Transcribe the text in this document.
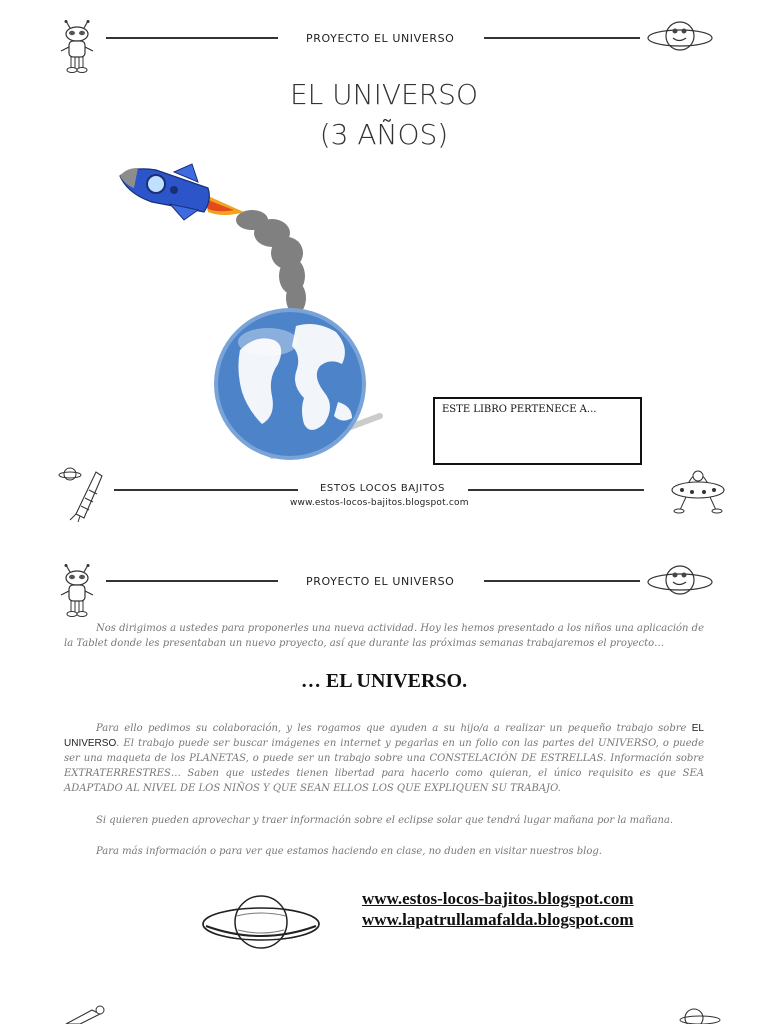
PROYECTO EL UNIVERSO
EL UNIVERSO
(3 AÑOS)
ESTE LIBRO PERTENECE A...
ESTOS LOCOS BAJITOS
www.estos-locos-bajitos.blogspot.com
PROYECTO EL UNIVERSO
Nos dirigimos a ustedes para proponerles una nueva actividad. Hoy les hemos presentado a los niños una aplicación de la Tablet donde les presentaban un nuevo proyecto, así que durante las próximas semanas trabajaremos el proyecto…
… EL UNIVERSO.
Para ello pedimos su colaboración, y les rogamos que ayuden a su hijo/a a realizar un pequeño trabajo sobre EL UNIVERSO. El trabajo puede ser buscar imágenes en internet y pegarlas en un folio con las partes del UNIVERSO, o puede ser una maqueta de los PLANETAS, o puede ser un trabajo sobre una CONSTELACIÓN DE ESTRELLAS. Información sobre EXTRATERRESTRES… Saben que ustedes tienen libertad para hacerlo como quieran, el único requisito es que SEA ADAPTADO AL NIVEL DE LOS NIÑOS Y QUE SEAN ELLOS LOS QUE EXPLIQUEN SU TRABAJO.
Si quieren pueden aprovechar y traer información sobre el eclipse solar que tendrá lugar mañana por la mañana.
Para más información o para ver que estamos haciendo en clase, no duden en visitar nuestros blog.
www.estos-locos-bajitos.blogspot.com
www.lapatrullamafalda.blogspot.com
